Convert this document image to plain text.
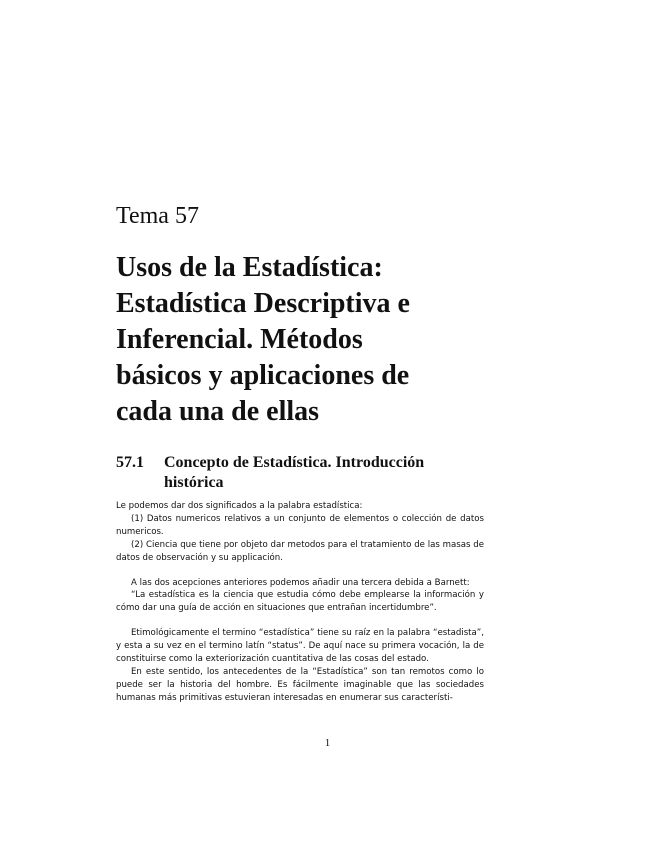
Tema 57
Usos de la Estadística:
Estadística Descriptiva e
Inferencial. Métodos
básicos y aplicaciones de
cada una de ellas
57.1 Concepto de Estadística. Introducción histórica

Le podemos dar dos significados a la palabra estadística:

(1) Datos numericos relativos a un conjunto de elementos o colección de datos numericos.

(2) Ciencia que tiene por objeto dar metodos para el tratamiento de las masas de datos de observación y su applicación.

A las dos acepciones anteriores podemos añadir una tercera debida a Barnett:

“La estadística es la ciencia que estudia cómo debe emplearse la información y cómo dar una guía de acción en situaciones que entrañan incertidumbre”.

Etimológicamente el termino “estadística” tiene su raíz en la palabra “estadista”, y esta a su vez en el termino latín “status”. De aquí nace su primera vocación, la de constituirse como la exteriorización cuantitativa de las cosas del estado.

En este sentido, los antecedentes de la “Estadística” son tan remotos como lo puede ser la historia del hombre. Es fácilmente imaginable que las sociedades humanas más primitivas estuvieran interesadas en enumerar sus característi-

1
